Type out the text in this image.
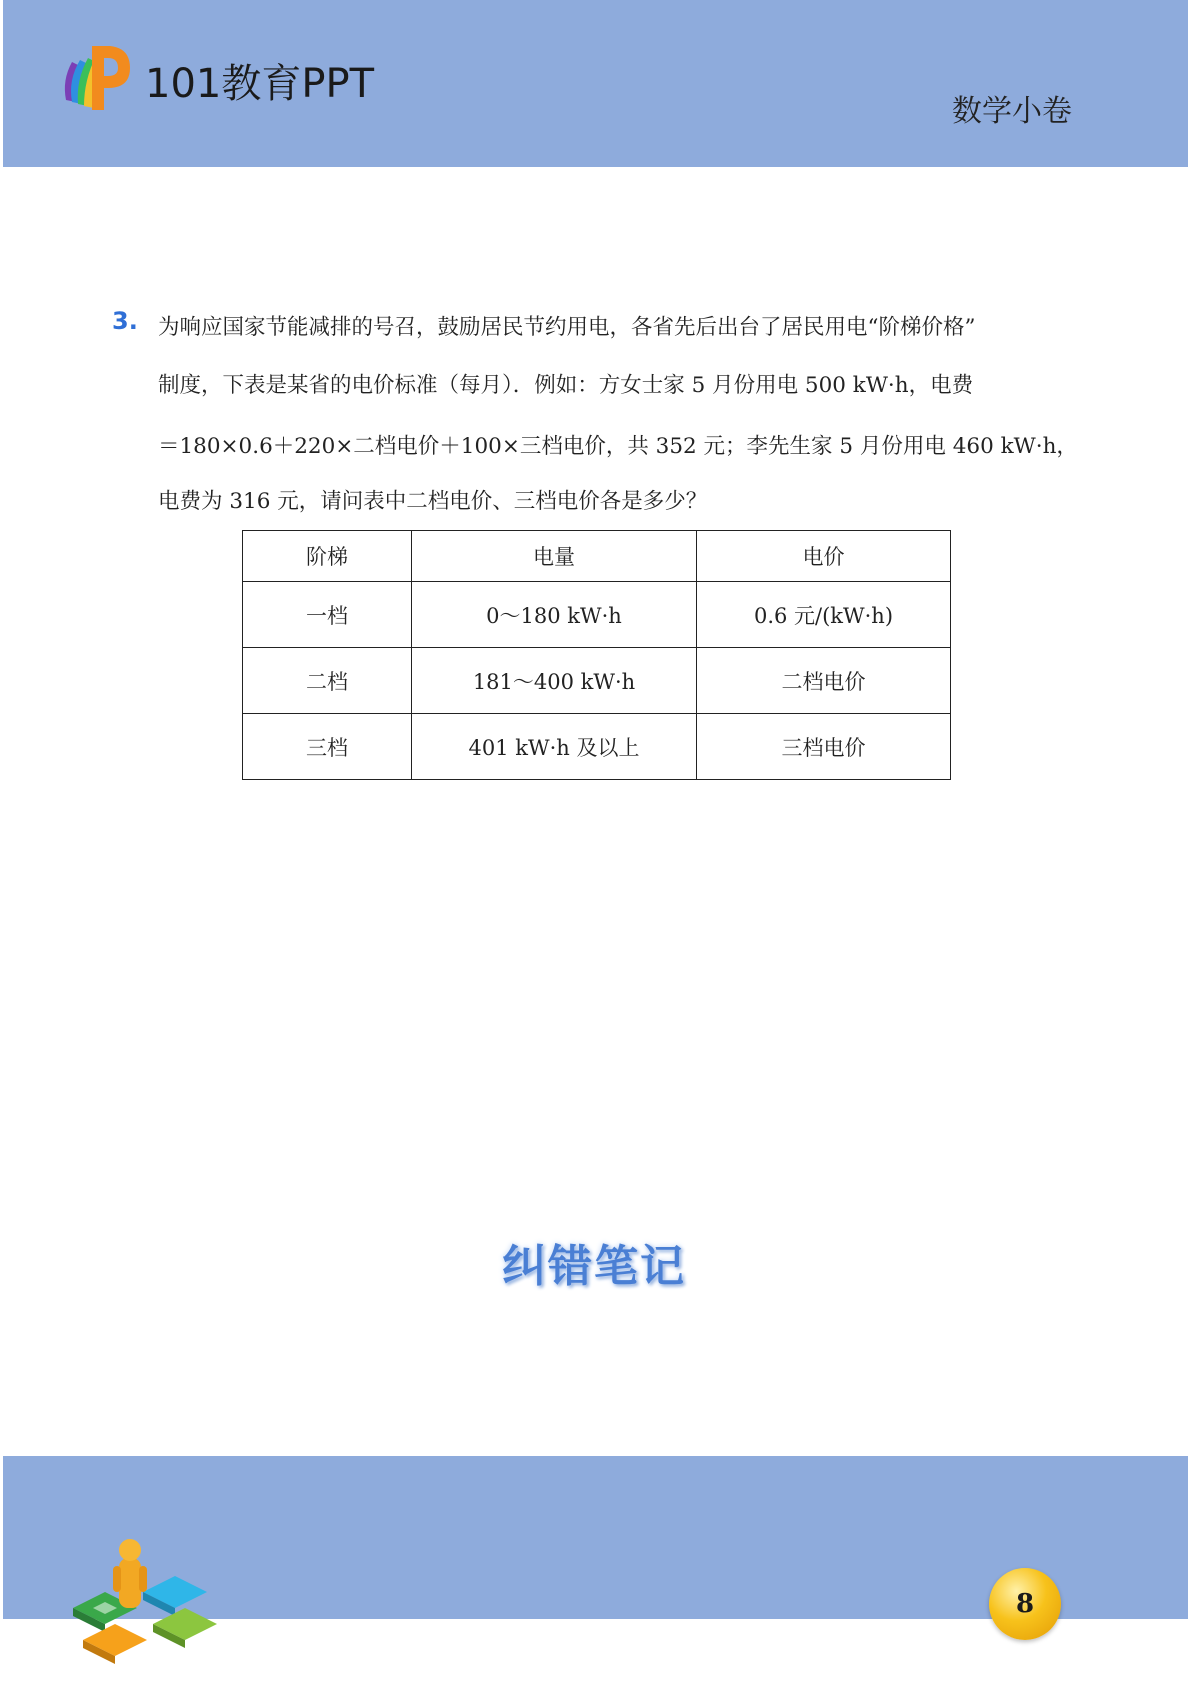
101教育PPT
数学小卷
3. 为响应国家节能减排的号召，鼓励居民节约用电，各省先后出台了居民用电“阶梯价格”
制度，下表是某省的电价标准（每月）．例如：方女士家 5 月份用电 500 kW·h，电费
＝180×0.6＋220×二档电价＋100×三档电价，共 352 元；李先生家 5 月份用电 460 kW·h，
电费为 316 元，请问表中二档电价、三档电价各是多少？
阶梯	电量	电价
一档	0～180 kW·h	0.6 元/(kW·h)
二档	181～400 kW·h	二档电价
三档	401 kW·h 及以上	三档电价
纠错笔记
8
